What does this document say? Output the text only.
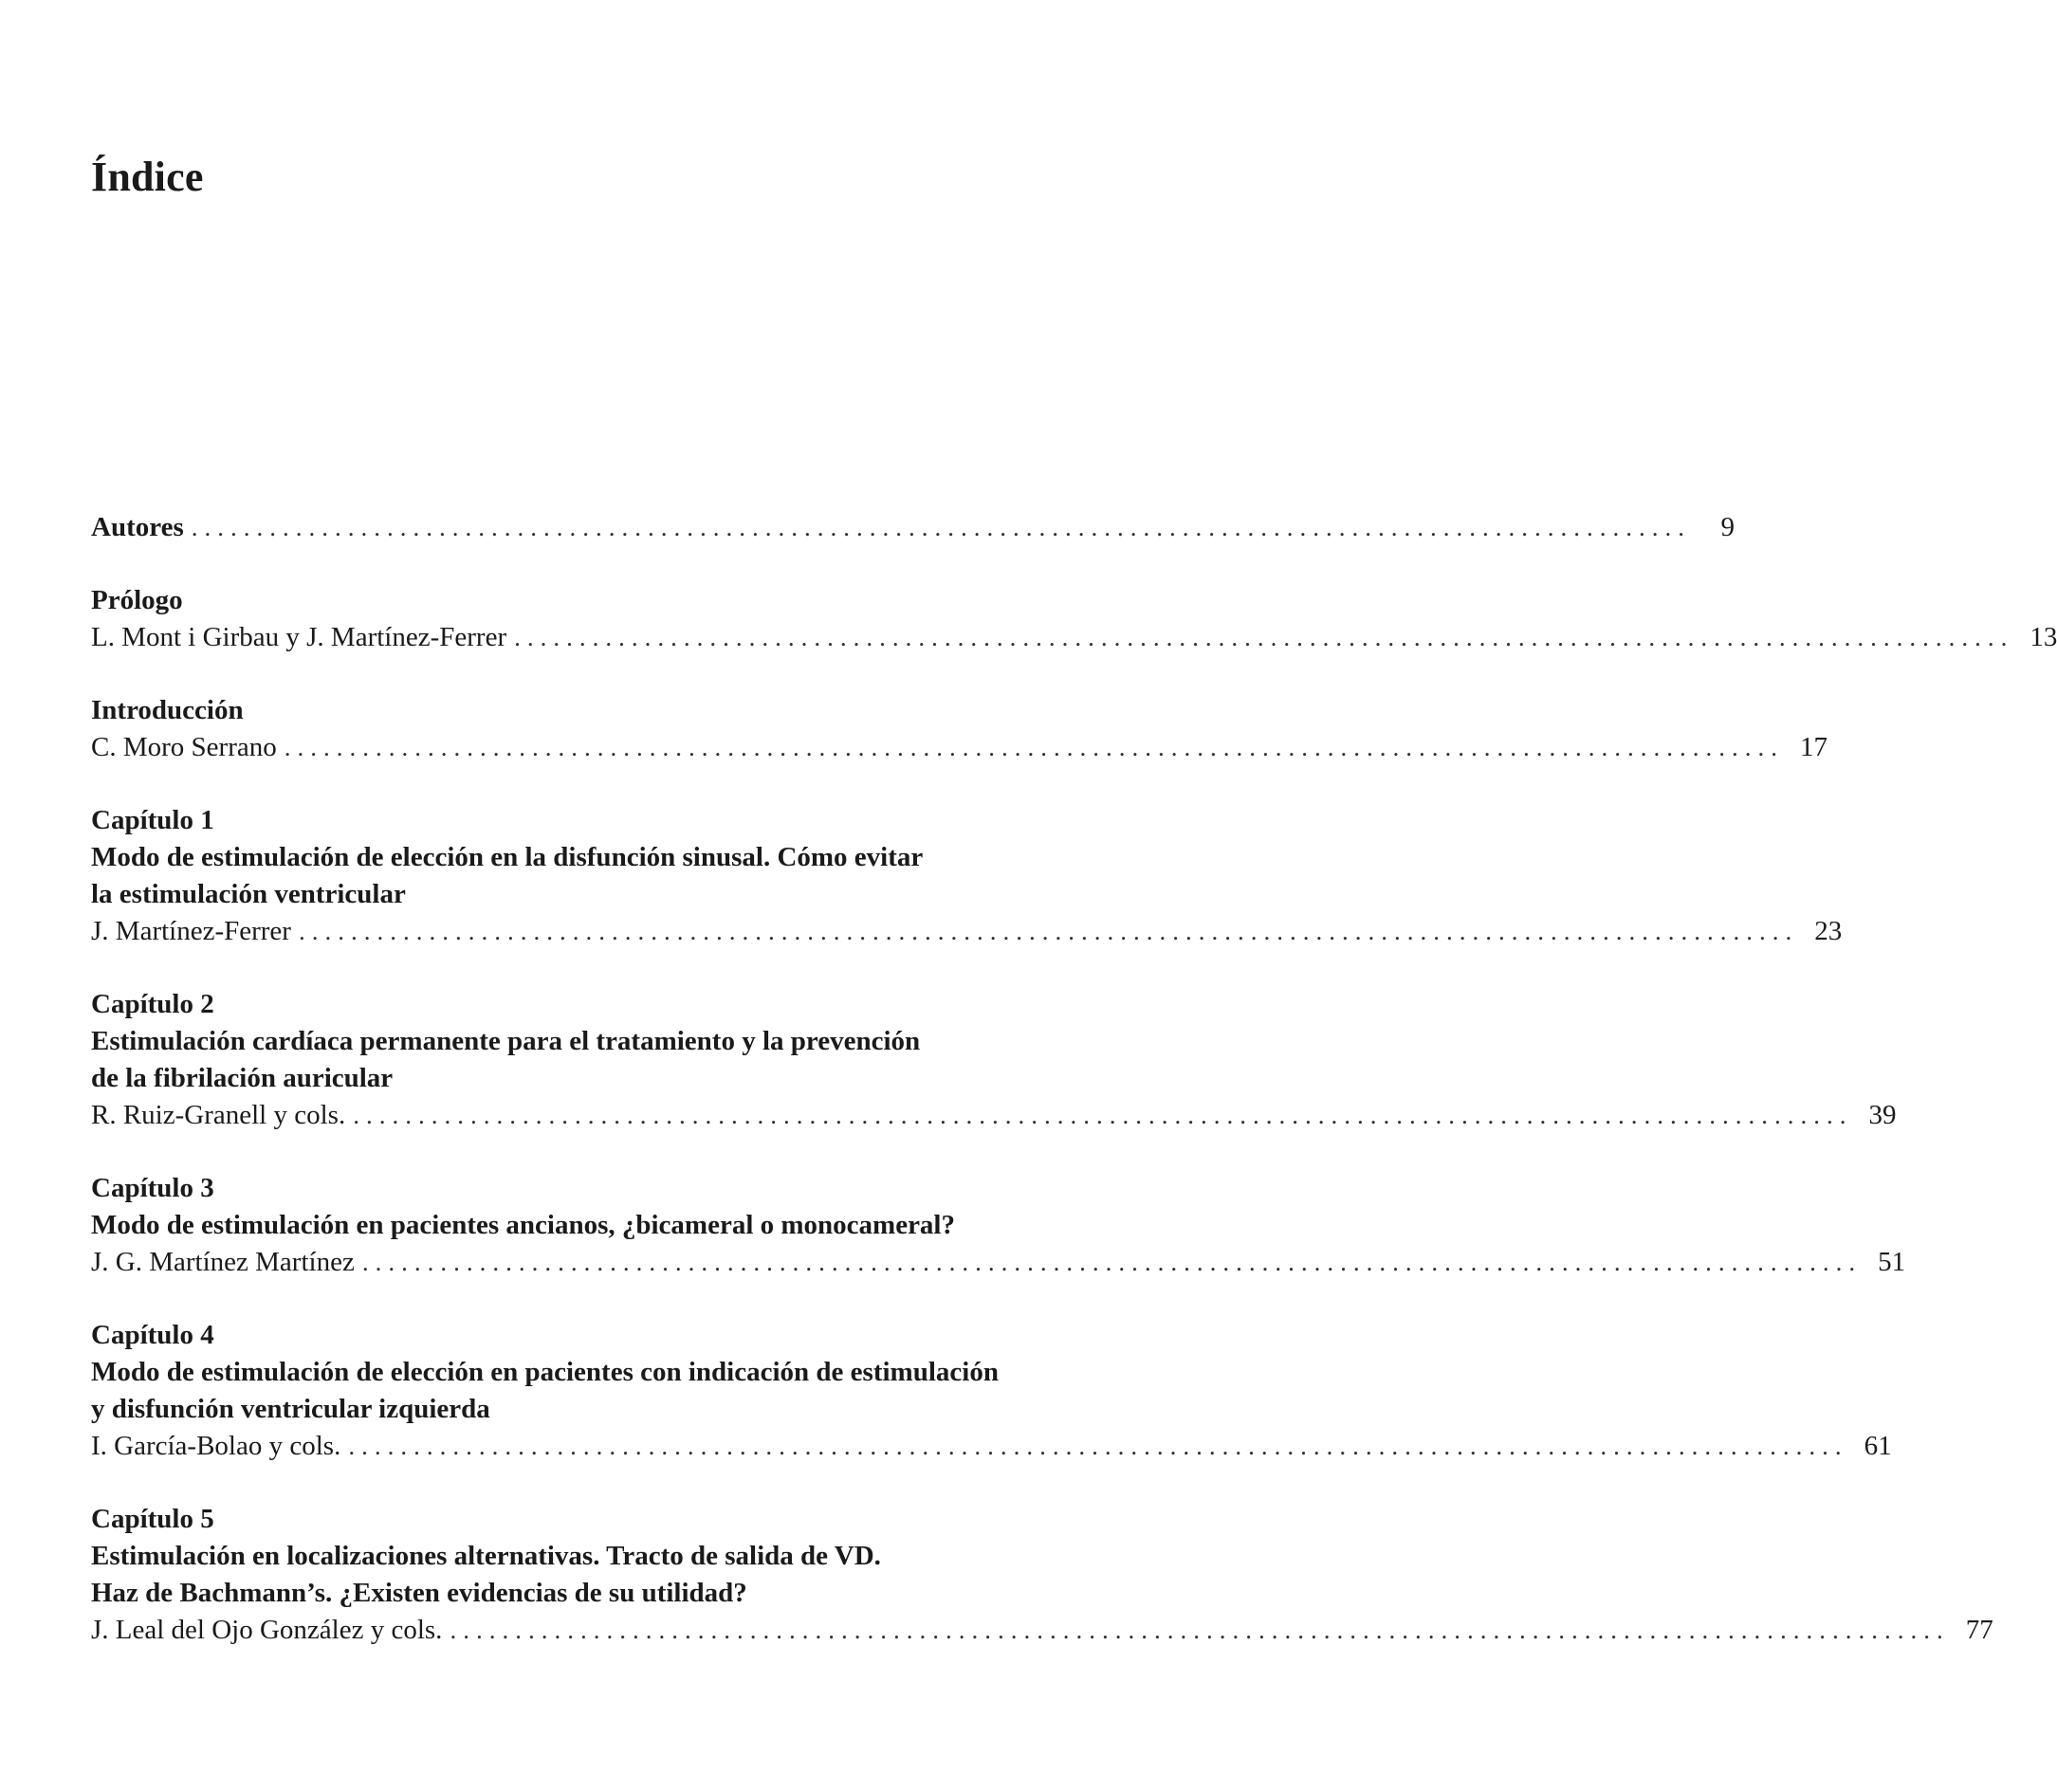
Índice
Autores ...................................................................................................................	9
Prólogo
L. Mont i Girbau y J. Martínez-Ferrer ................................................................................................................... 13
Introducción
C. Moro Serrano ................................................................................................................... 17
Capítulo 1
Modo de estimulación de elección en la disfunción sinusal. Cómo evitar
la estimulación ventricular
J. Martínez-Ferrer ................................................................................................................... 23
Capítulo 2
Estimulación cardíaca permanente para el tratamiento y la prevención
de la fibrilación auricular
R. Ruiz-Granell y cols. ................................................................................................................... 39
Capítulo 3
Modo de estimulación en pacientes ancianos, ¿bicameral o monocameral?
J. G. Martínez Martínez ................................................................................................................... 51
Capítulo 4
Modo de estimulación de elección en pacientes con indicación de estimulación
y disfunción ventricular izquierda
I. García-Bolao y cols. ................................................................................................................... 61
Capítulo 5
Estimulación en localizaciones alternativas. Tracto de salida de VD.
Haz de Bachmann’s. ¿Existen evidencias de su utilidad?
J. Leal del Ojo González y cols. ................................................................................................................... 77
